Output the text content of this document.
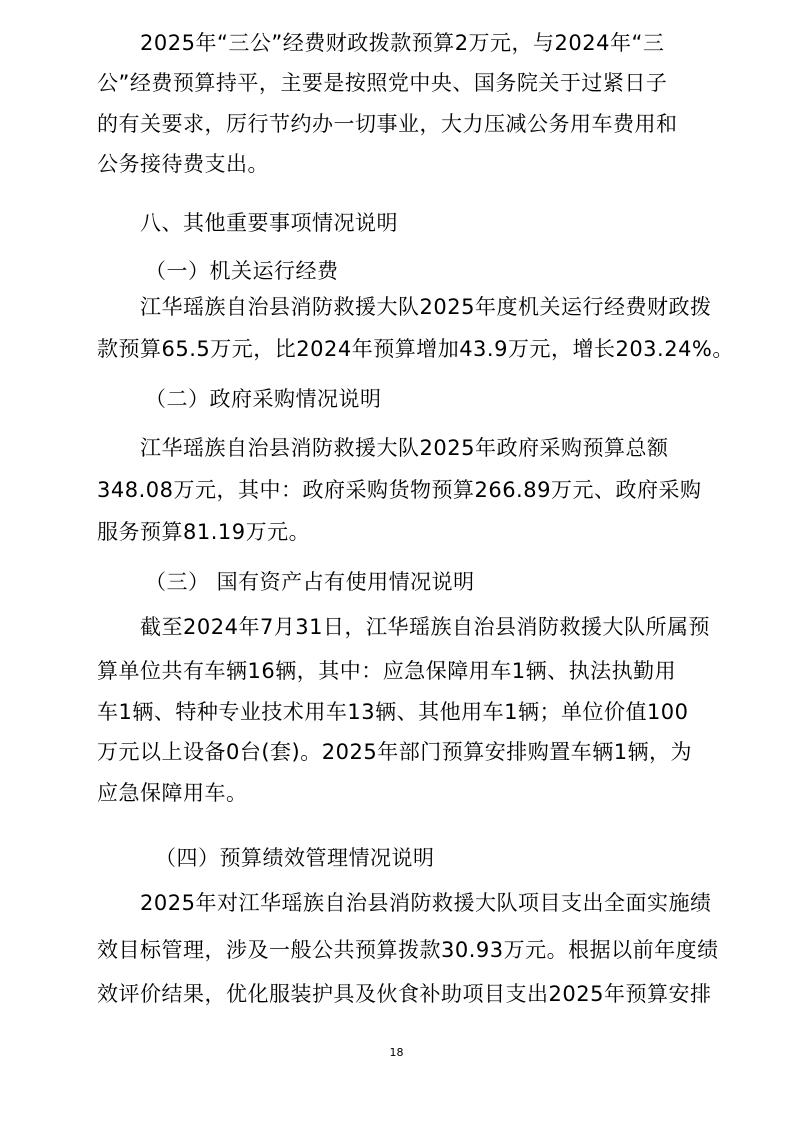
2025年“三公”经费财政拨款预算2万元，与2024年“三
公”经费预算持平，主要是按照党中央、国务院关于过紧日子
的有关要求，厉行节约办一切事业，大力压减公务用车费用和
公务接待费支出。
八、其他重要事项情况说明
（一）机关运行经费
江华瑶族自治县消防救援大队2025年度机关运行经费财政拨
款预算65.5万元，比2024年预算增加43.9万元，增长203.24%。
（二）政府采购情况说明
江华瑶族自治县消防救援大队2025年政府采购预算总额
348.08万元，其中：政府采购货物预算266.89万元、政府采购
服务预算81.19万元。
（三） 国有资产占有使用情况说明
截至2024年7月31日，江华瑶族自治县消防救援大队所属预
算单位共有车辆16辆，其中：应急保障用车1辆、执法执勤用
车1辆、特种专业技术用车13辆、其他用车1辆；单位价值100
万元以上设备0台(套)。2025年部门预算安排购置车辆1辆，为
应急保障用车。
（四）预算绩效管理情况说明
2025年对江华瑶族自治县消防救援大队项目支出全面实施绩
效目标管理，涉及一般公共预算拨款30.93万元。根据以前年度绩
效评价结果，优化服装护具及伙食补助项目支出2025年预算安排
18
